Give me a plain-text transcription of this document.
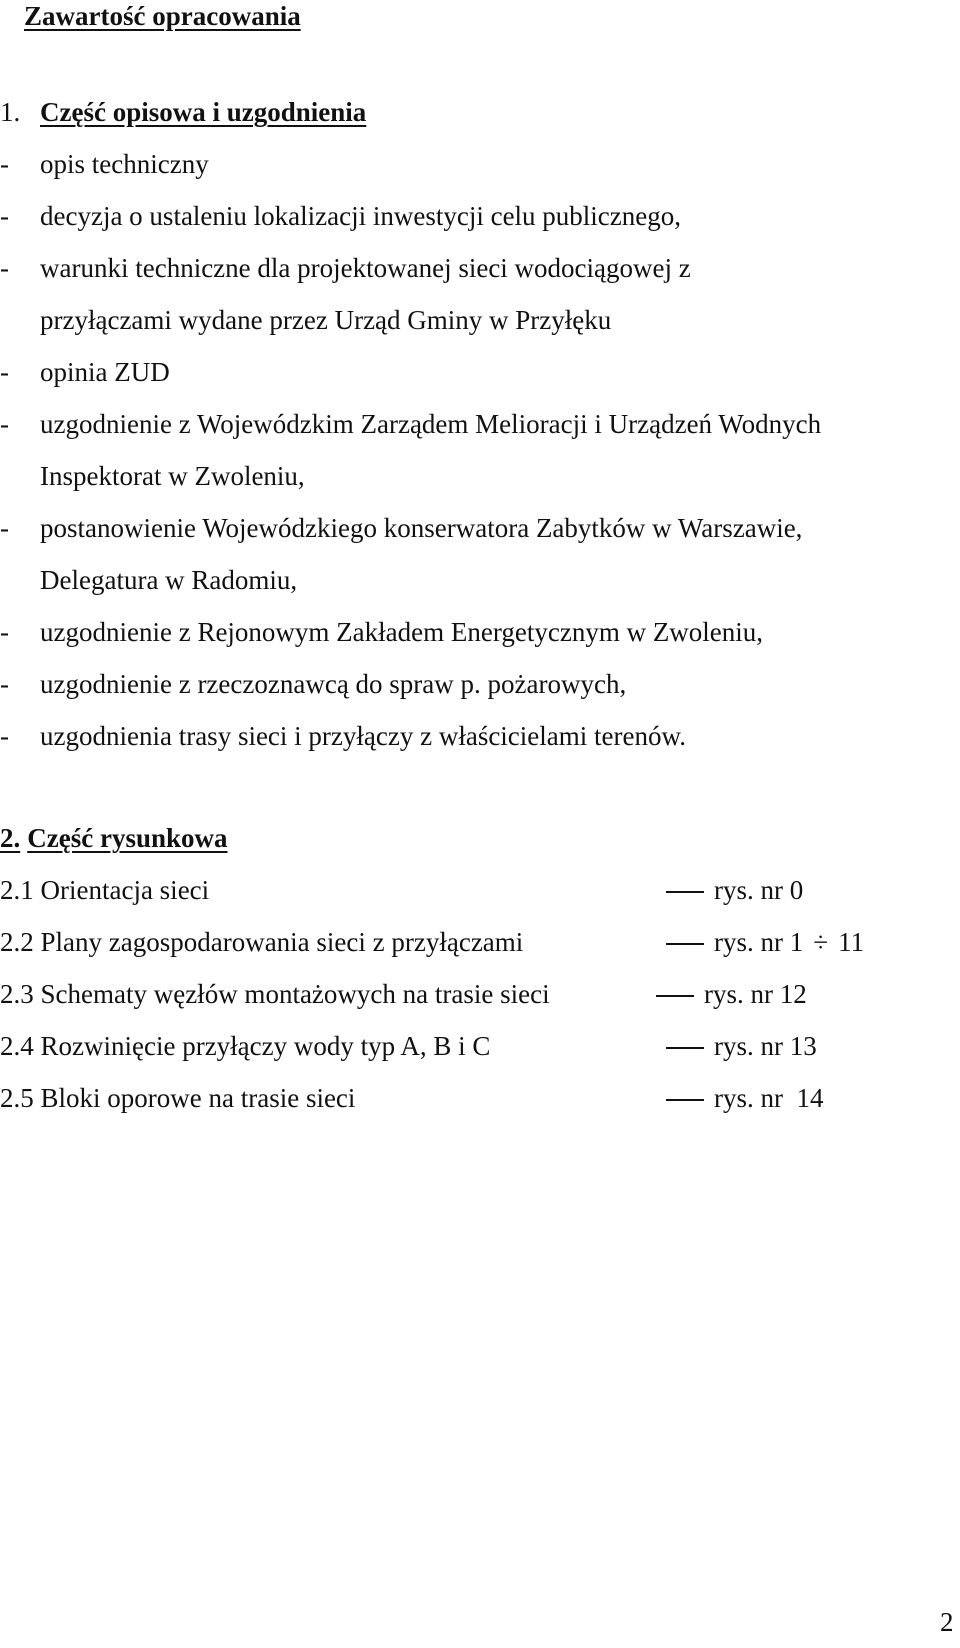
Zawartość opracowania
1. Część opisowa i uzgodnienia
- opis techniczny
- decyzja o ustaleniu lokalizacji inwestycji celu publicznego,
- warunki techniczne dla projektowanej sieci wodociągowej z
przyłączami wydane przez Urząd Gminy w Przyłęku
- opinia ZUD
- uzgodnienie z Wojewódzkim Zarządem Melioracji i Urządzeń Wodnych
Inspektorat w Zwoleniu,
- postanowienie Wojewódzkiego konserwatora Zabytków w Warszawie,
Delegatura w Radomiu,
- uzgodnienie z Rejonowym Zakładem Energetycznym w Zwoleniu,
- uzgodnienie z rzeczoznawcą do spraw p. pożarowych,
- uzgodnienia trasy sieci i przyłączy z właścicielami terenów.
2. Część rysunkowa
2.1 Orientacja sieci	rys. nr 0
2.2 Plany zagospodarowania sieci z przyłączami	rys. nr 1 ÷ 11
2.3 Schematy węzłów montażowych na trasie sieci	rys. nr 12
2.4 Rozwinięcie przyłączy wody typ A, B i C	rys. nr 13
2.5 Bloki oporowe na trasie sieci	rys. nr  14
2
